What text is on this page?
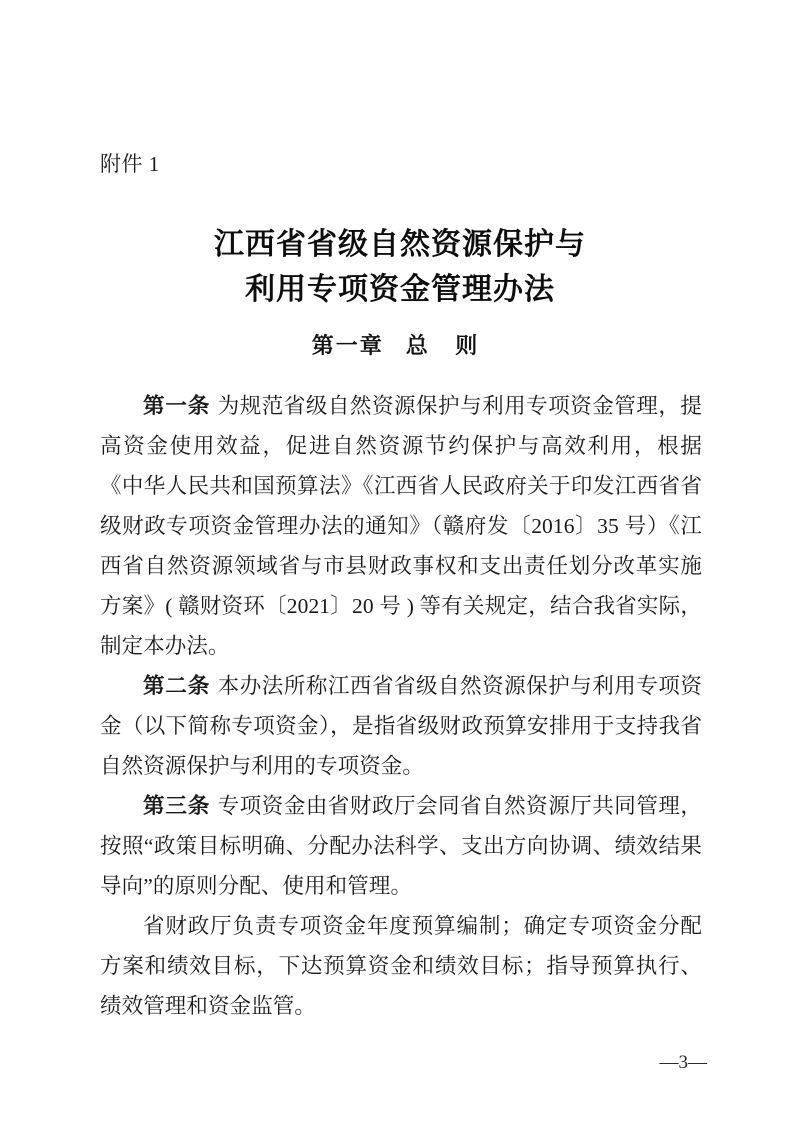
附件 1
江西省省级自然资源保护与
利用专项资金管理办法
第一章 总 则

第一条 为规范省级自然资源保护与利用专项资金管理，提高资金使用效益，促进自然资源节约保护与高效利用，根据《中华人民共和国预算法》《江西省人民政府关于印发江西省省级财政专项资金管理办法的通知》（赣府发〔2016〕35 号）《江西省自然资源领域省与市县财政事权和支出责任划分改革实施方案》( 赣财资环〔2021〕20 号 ) 等有关规定，结合我省实际，制定本办法。

第二条 本办法所称江西省省级自然资源保护与利用专项资金（以下简称专项资金），是指省级财政预算安排用于支持我省自然资源保护与利用的专项资金。

第三条 专项资金由省财政厅会同省自然资源厅共同管理，按照“政策目标明确、分配办法科学、支出方向协调、绩效结果导向”的原则分配、使用和管理。

省财政厅负责专项资金年度预算编制；确定专项资金分配方案和绩效目标，下达预算资金和绩效目标；指导预算执行、绩效管理和资金监管。

—3—
